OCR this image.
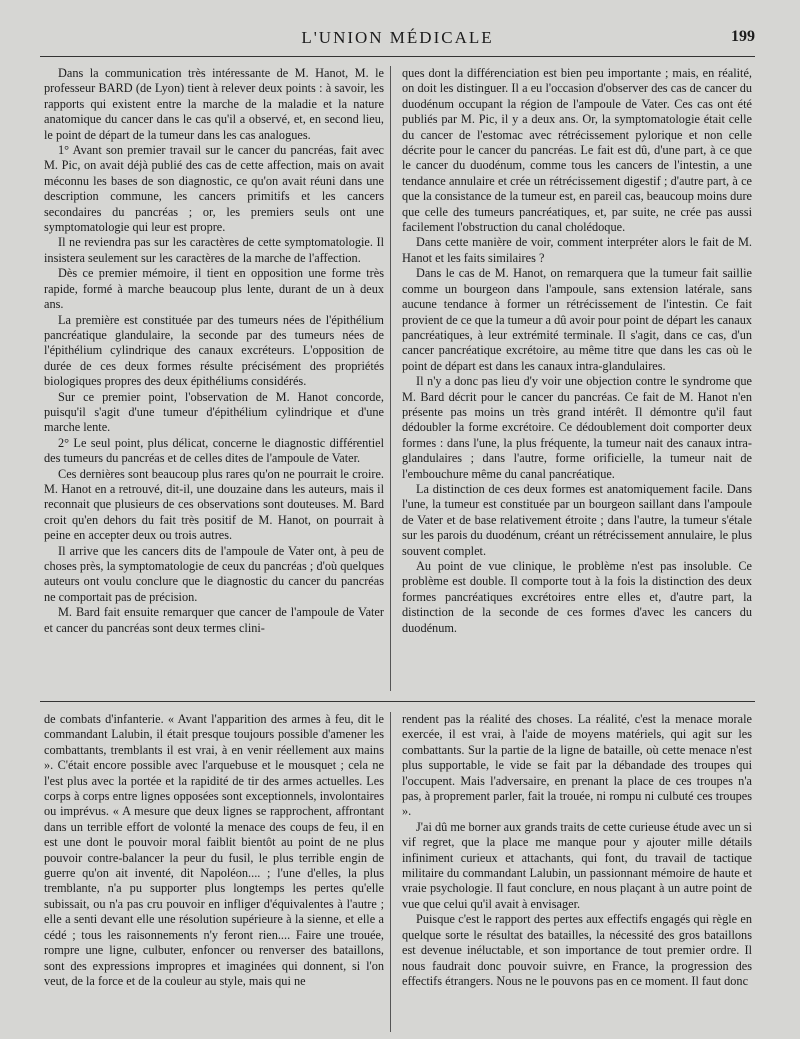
L'UNION MÉDICALE	199

Dans la communication très intéressante de M. Hanot, M. le professeur BARD (de Lyon) tient à relever deux points : à savoir, les rapports qui existent entre la marche de la maladie et la nature anatomique du cancer dans le cas qu'il a observé, et, en second lieu, le point de départ de la tumeur dans les cas analogues.

1° Avant son premier travail sur le cancer du pancréas, fait avec M. Pic, on avait déjà publié des cas de cette affection, mais on avait méconnu les bases de son diagnostic, ce qu'on avait réuni dans une description commune, les cancers primitifs et les cancers secondaires du pancréas ; or, les premiers seuls ont une symptomatologie qui leur est propre.

Il ne reviendra pas sur les caractères de cette symptomatologie. Il insistera seulement sur les caractères de la marche de l'affection.

Dès ce premier mémoire, il tient en opposition une forme très rapide, formé à marche beaucoup plus lente, durant de un à deux ans.

La première est constituée par des tumeurs nées de l'épithélium pancréatique glandulaire, la seconde par des tumeurs nées de l'épithélium cylindrique des canaux excréteurs. L'opposition de durée de ces deux formes résulte précisément des propriétés biologiques propres des deux épithéliums considérés.

Sur ce premier point, l'observation de M. Hanot concorde, puisqu'il s'agit d'une tumeur d'épithélium cylindrique et d'une marche lente.

2° Le seul point, plus délicat, concerne le diagnostic différentiel des tumeurs du pancréas et de celles dites de l'ampoule de Vater.

Ces dernières sont beaucoup plus rares qu'on ne pourrait le croire. M. Hanot en a retrouvé, dit-il, une douzaine dans les auteurs, mais il reconnait que plusieurs de ces observations sont douteuses. M. Bard croit qu'en dehors du fait très positif de M. Hanot, on pourrait à peine en accepter deux ou trois autres.

Il arrive que les cancers dits de l'ampoule de Vater ont, à peu de choses près, la symptomatologie de ceux du pancréas ; d'où quelques auteurs ont voulu conclure que le diagnostic du cancer du pancréas ne comportait pas de précision.

M. Bard fait ensuite remarquer que cancer de l'ampoule de Vater et cancer du pancréas sont deux termes clini-

ques dont la différenciation est bien peu importante ; mais, en réalité, on doit les distinguer. Il a eu l'occasion d'observer des cas de cancer du duodénum occupant la région de l'ampoule de Vater. Ces cas ont été publiés par M. Pic, il y a deux ans. Or, la symptomatologie était celle du cancer de l'estomac avec rétrécissement pylorique et non celle décrite pour le cancer du pancréas. Le fait est dû, d'une part, à ce que le cancer du duodénum, comme tous les cancers de l'intestin, a une tendance annulaire et crée un rétrécissement digestif ; d'autre part, à ce que la consistance de la tumeur est, en pareil cas, beaucoup moins dure que celle des tumeurs pancréatiques, et, par suite, ne crée pas aussi facilement l'obstruction du canal cholédoque.

Dans cette manière de voir, comment interpréter alors le fait de M. Hanot et les faits similaires ?

Dans le cas de M. Hanot, on remarquera que la tumeur fait saillie comme un bourgeon dans l'ampoule, sans extension latérale, sans aucune tendance à former un rétrécissement de l'intestin. Ce fait provient de ce que la tumeur a dû avoir pour point de départ les canaux pancréatiques, à leur extrémité terminale. Il s'agit, dans ce cas, d'un cancer pancréatique excrétoire, au même titre que dans les cas où le point de départ est dans les canaux intra-glandulaires.

Il n'y a donc pas lieu d'y voir une objection contre le syndrome que M. Bard décrit pour le cancer du pancréas. Ce fait de M. Hanot n'en présente pas moins un très grand intérêt. Il démontre qu'il faut dédoubler la forme excrétoire. Ce dédoublement doit comporter deux formes : dans l'une, la plus fréquente, la tumeur nait des canaux intra-glandulaires ; dans l'autre, forme orificielle, la tumeur nait de l'embouchure même du canal pancréatique.

La distinction de ces deux formes est anatomiquement facile. Dans l'une, la tumeur est constituée par un bourgeon saillant dans l'ampoule de Vater et de base relativement étroite ; dans l'autre, la tumeur s'étale sur les parois du duodénum, créant un rétrécissement annulaire, le plus souvent complet.

Au point de vue clinique, le problème n'est pas insoluble. Ce problème est double. Il comporte tout à la fois la distinction des deux formes pancréatiques excrétoires entre elles et, d'autre part, la distinction de la seconde de ces formes d'avec les cancers du duodénum.

de combats d'infanterie. « Avant l'apparition des armes à feu, dit le commandant Lalubin, il était presque toujours possible d'amener les combattants, tremblants il est vrai, à en venir réellement aux mains ». C'était encore possible avec l'arquebuse et le mousquet ; cela ne l'est plus avec la portée et la rapidité de tir des armes actuelles. Les corps à corps entre lignes opposées sont exceptionnels, involontaires ou imprévus. « A mesure que deux lignes se rapprochent, affrontant dans un terrible effort de volonté la menace des coups de feu, il en est une dont le pouvoir moral faiblit bientôt au point de ne plus pouvoir contre-balancer la peur du fusil, le plus terrible engin de guerre qu'on ait inventé, dit Napoléon.... ; l'une d'elles, la plus tremblante, n'a pu supporter plus longtemps les pertes qu'elle subissait, ou n'a pas cru pouvoir en infliger d'équivalentes à l'autre ; elle a senti devant elle une résolution supérieure à la sienne, et elle a cédé ; tous les raisonnements n'y feront rien.... Faire une trouée, rompre une ligne, culbuter, enfoncer ou renverser des bataillons, sont des expressions impropres et imaginées qui donnent, si l'on veut, de la force et de la couleur au style, mais qui ne

rendent pas la réalité des choses. La réalité, c'est la menace morale exercée, il est vrai, à l'aide de moyens matériels, qui agit sur les combattants. Sur la partie de la ligne de bataille, où cette menace n'est plus supportable, le vide se fait par la débandade des troupes qui l'occupent. Mais l'adversaire, en prenant la place de ces troupes n'a pas, à proprement parler, fait la trouée, ni rompu ni culbuté ces troupes ».

J'ai dû me borner aux grands traits de cette curieuse étude avec un si vif regret, que la place me manque pour y ajouter mille détails infiniment curieux et attachants, qui font, du travail de tactique militaire du commandant Lalubin, un passionnant mémoire de haute et vraie psychologie. Il faut conclure, en nous plaçant à un autre point de vue que celui qu'il avait à envisager.

Puisque c'est le rapport des pertes aux effectifs engagés qui règle en quelque sorte le résultat des batailles, la nécessité des gros bataillons est devenue inéluctable, et son importance de tout premier ordre. Il nous faudrait donc pouvoir suivre, en France, la progression des effectifs étrangers. Nous ne le pouvons pas en ce moment. Il faut donc
